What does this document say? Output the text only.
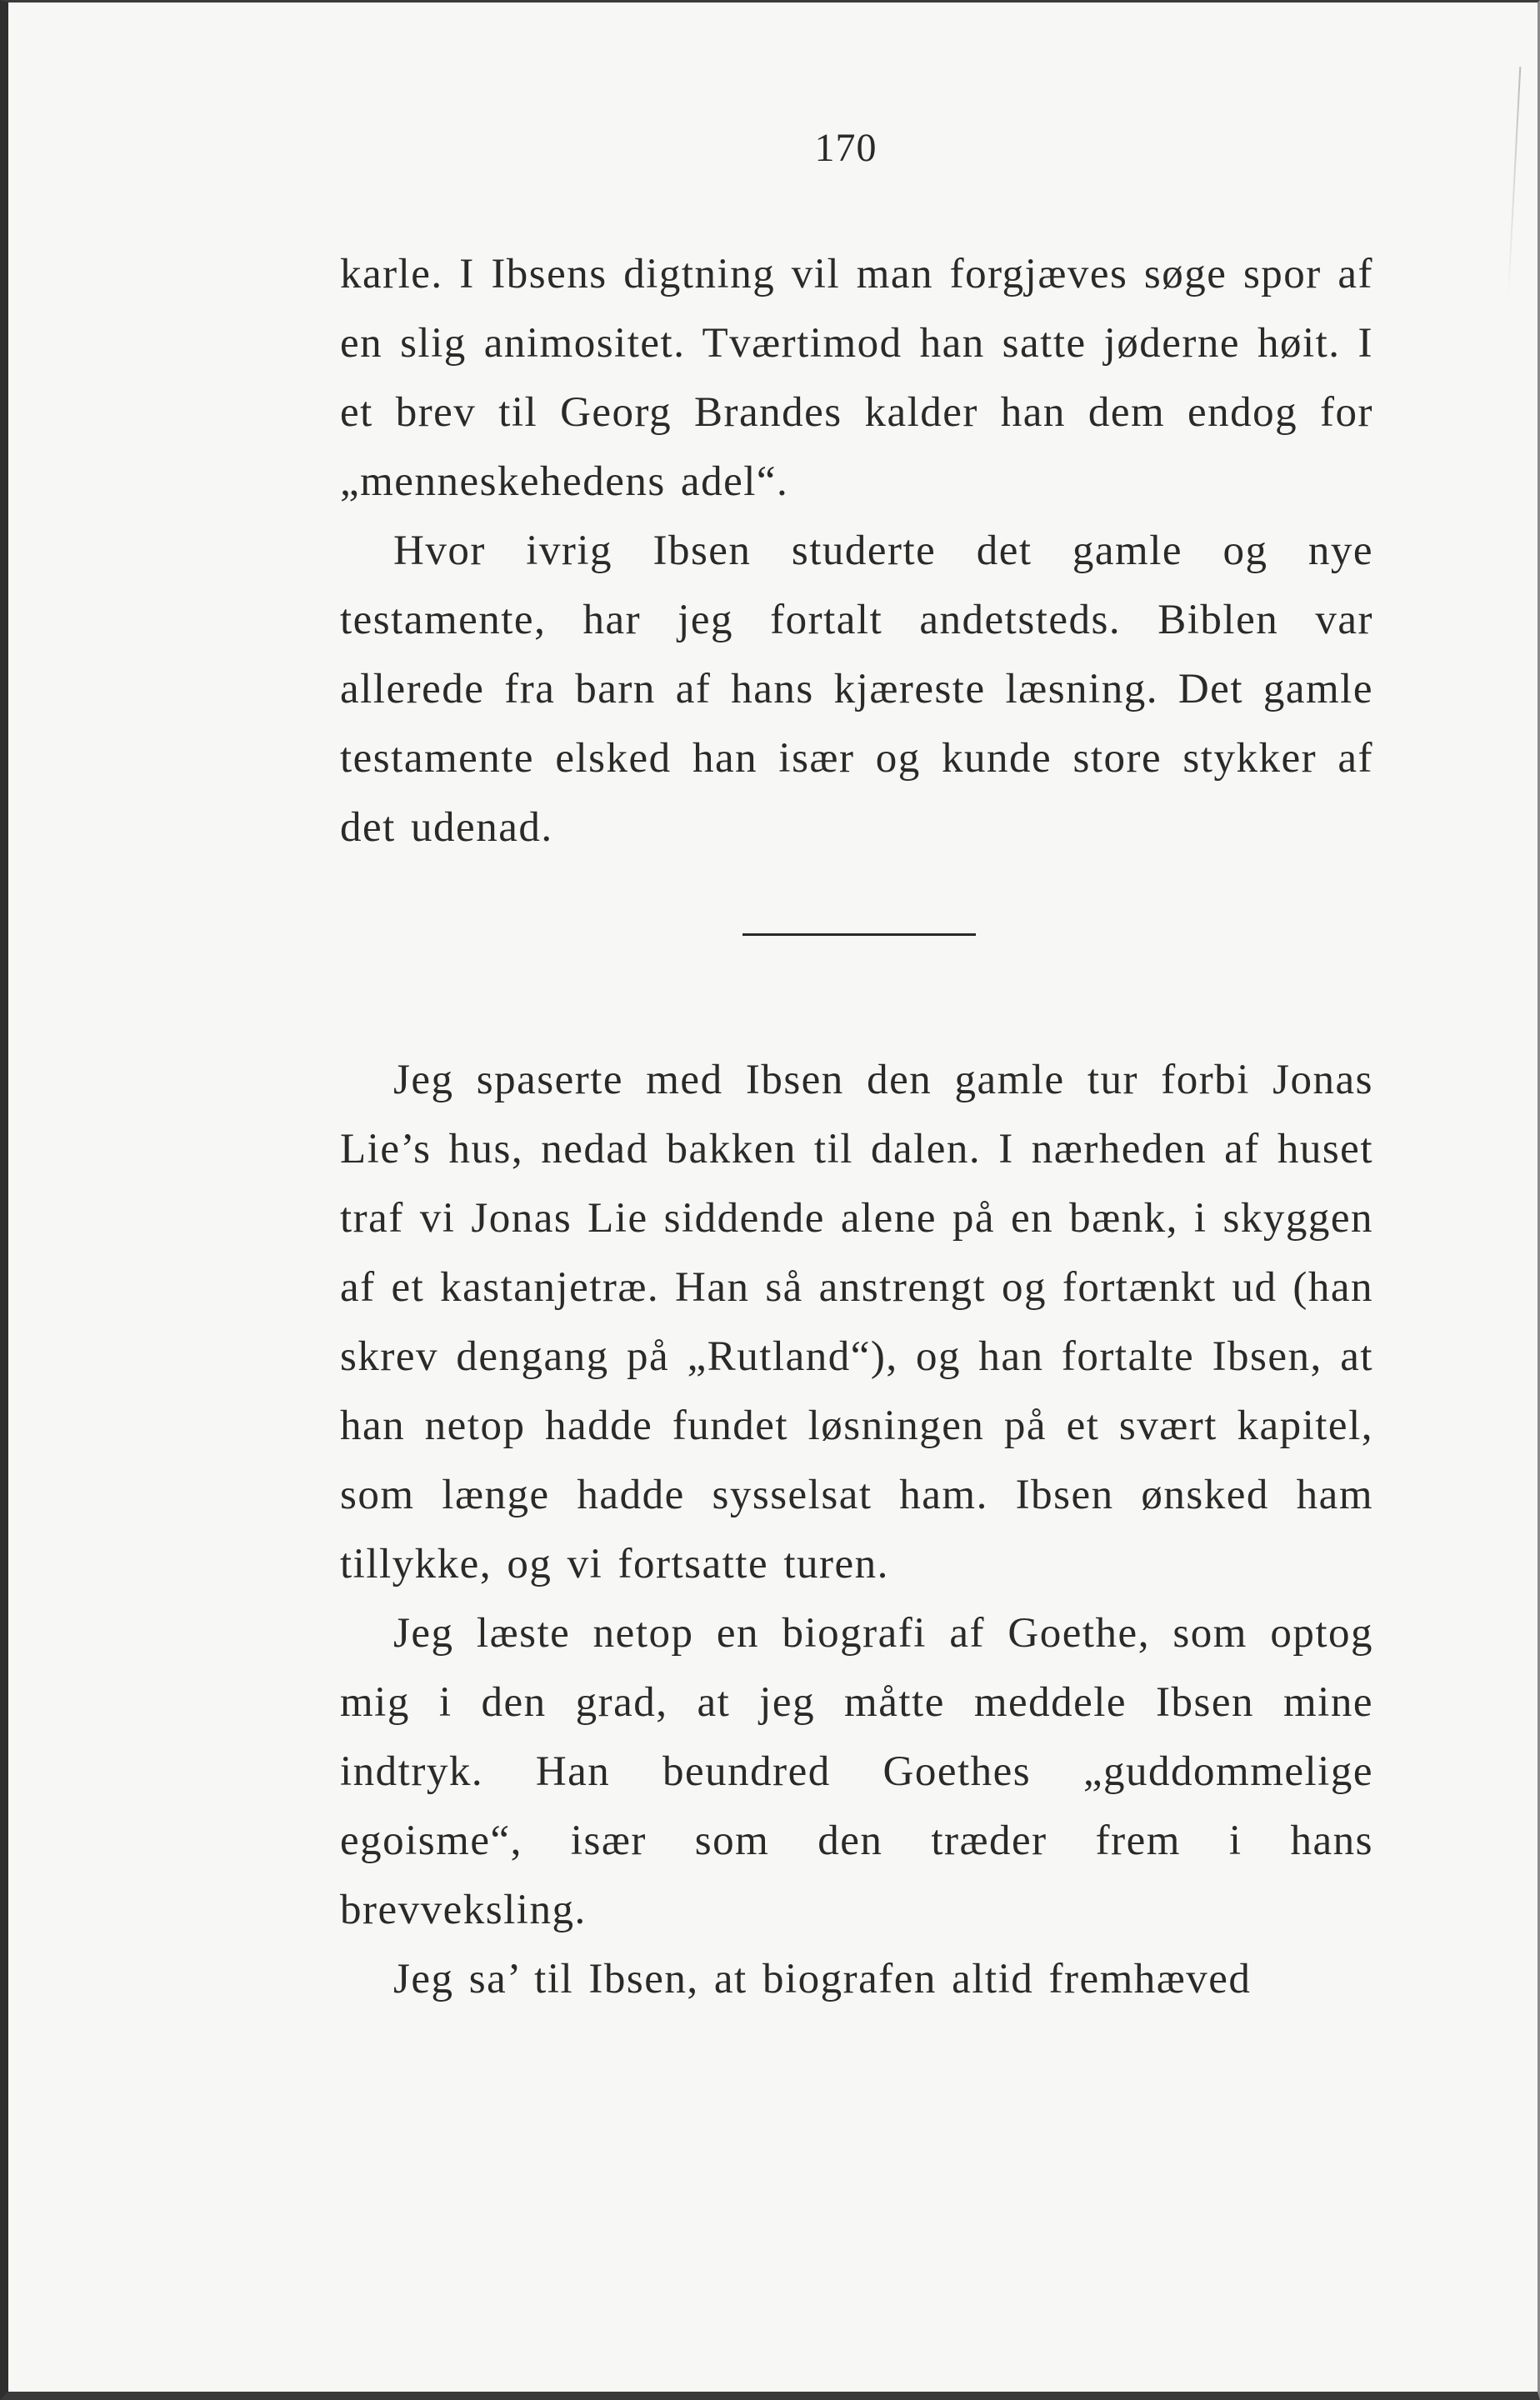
170

karle. I Ibsens digtning vil man forgjæves søge spor af en slig animositet. Tværtimod han satte jøderne høit. I et brev til Georg Brandes kalder han dem endog for „menneskehedens adel“.

Hvor ivrig Ibsen studerte det gamle og nye testamente, har jeg fortalt andetsteds. Biblen var allerede fra barn af hans kjæreste læsning. Det gamle testamente elsked han især og kunde store stykker af det udenad.

Jeg spaserte med Ibsen den gamle tur forbi Jonas Lie’s hus, nedad bakken til dalen. I nærheden af huset traf vi Jonas Lie siddende alene på en bænk, i skyggen af et kastanjetræ. Han så anstrengt og fortænkt ud (han skrev dengang på „Rutland“), og han fortalte Ibsen, at han netop hadde fundet løsningen på et svært kapitel, som længe hadde sysselsat ham. Ibsen ønsked ham tillykke, og vi fortsatte turen.

Jeg læste netop en biografi af Goethe, som optog mig i den grad, at jeg måtte meddele Ibsen mine indtryk. Han beundred Goethes „guddommelige egoisme“, især som den træder frem i hans brevveksling.

Jeg sa’ til Ibsen, at biografen altid fremhæved
